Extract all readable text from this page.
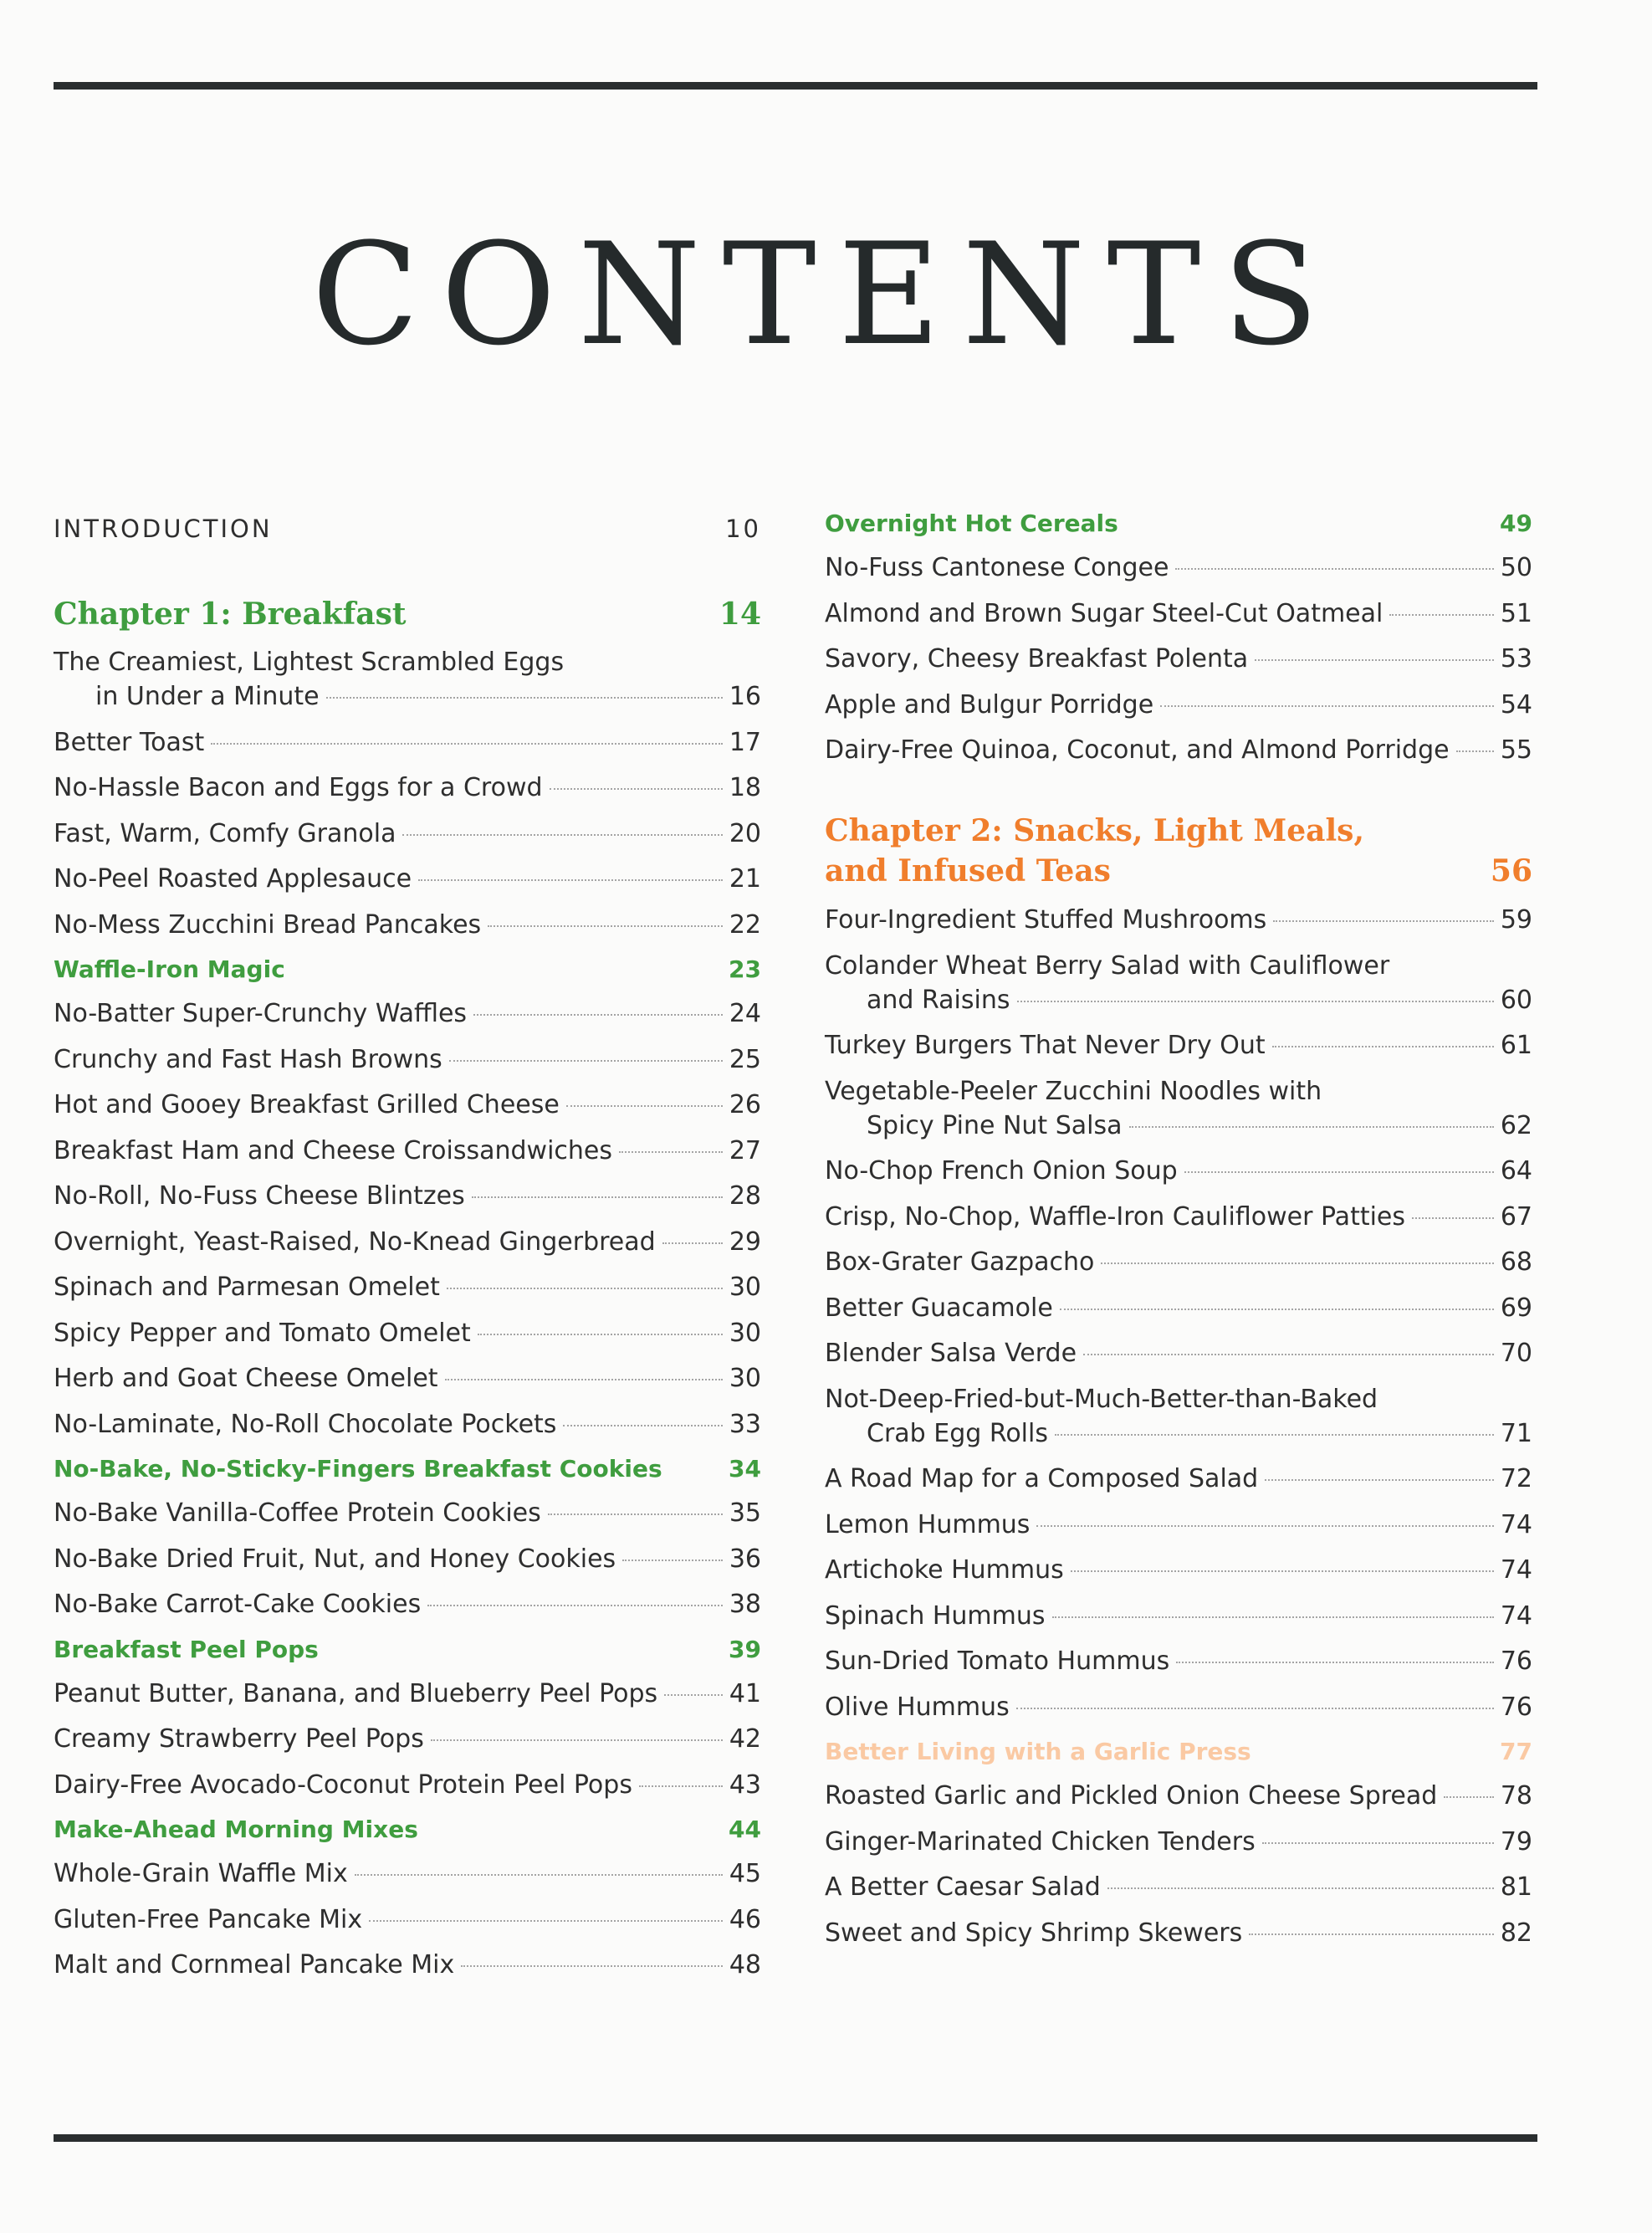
CONTENTS
INTRODUCTION	10
Chapter 1: Breakfast	14
The Creamiest, Lightest Scrambled Eggs
in Under a Minute	16
Better Toast	17
No-Hassle Bacon and Eggs for a Crowd	18
Fast, Warm, Comfy Granola	20
No-Peel Roasted Applesauce	21
No-Mess Zucchini Bread Pancakes	22
Waffle-Iron Magic	23
No-Batter Super-Crunchy Waffles	24
Crunchy and Fast Hash Browns	25
Hot and Gooey Breakfast Grilled Cheese	26
Breakfast Ham and Cheese Croissandwiches	27
No-Roll, No-Fuss Cheese Blintzes	28
Overnight, Yeast-Raised, No-Knead Gingerbread	29
Spinach and Parmesan Omelet	30
Spicy Pepper and Tomato Omelet	30
Herb and Goat Cheese Omelet	30
No-Laminate, No-Roll Chocolate Pockets	33
No-Bake, No-Sticky-Fingers Breakfast Cookies	34
No-Bake Vanilla-Coffee Protein Cookies	35
No-Bake Dried Fruit, Nut, and Honey Cookies	36
No-Bake Carrot-Cake Cookies	38
Breakfast Peel Pops	39
Peanut Butter, Banana, and Blueberry Peel Pops	41
Creamy Strawberry Peel Pops	42
Dairy-Free Avocado-Coconut Protein Peel Pops	43
Make-Ahead Morning Mixes	44
Whole-Grain Waffle Mix	45
Gluten-Free Pancake Mix	46
Malt and Cornmeal Pancake Mix	48
Overnight Hot Cereals	49
No-Fuss Cantonese Congee	50
Almond and Brown Sugar Steel-Cut Oatmeal	51
Savory, Cheesy Breakfast Polenta	53
Apple and Bulgur Porridge	54
Dairy-Free Quinoa, Coconut, and Almond Porridge 55
Chapter 2: Snacks, Light Meals,
and Infused Teas	56
Four-Ingredient Stuffed Mushrooms	59
Colander Wheat Berry Salad with Cauliflower
and Raisins	60
Turkey Burgers That Never Dry Out	61
Vegetable-Peeler Zucchini Noodles with
Spicy Pine Nut Salsa	62
No-Chop French Onion Soup	64
Crisp, No-Chop, Waffle-Iron Cauliflower Patties	67
Box-Grater Gazpacho	68
Better Guacamole	69
Blender Salsa Verde	70
Not-Deep-Fried-but-Much-Better-than-Baked
Crab Egg Rolls	71
A Road Map for a Composed Salad	72
Lemon Hummus	74
Artichoke Hummus	74
Spinach Hummus	74
Sun-Dried Tomato Hummus	76
Olive Hummus	76
Better Living with a Garlic Press	77
Roasted Garlic and Pickled Onion Cheese Spread	78
Ginger-Marinated Chicken Tenders	79
A Better Caesar Salad	81
Sweet and Spicy Shrimp Skewers	82
